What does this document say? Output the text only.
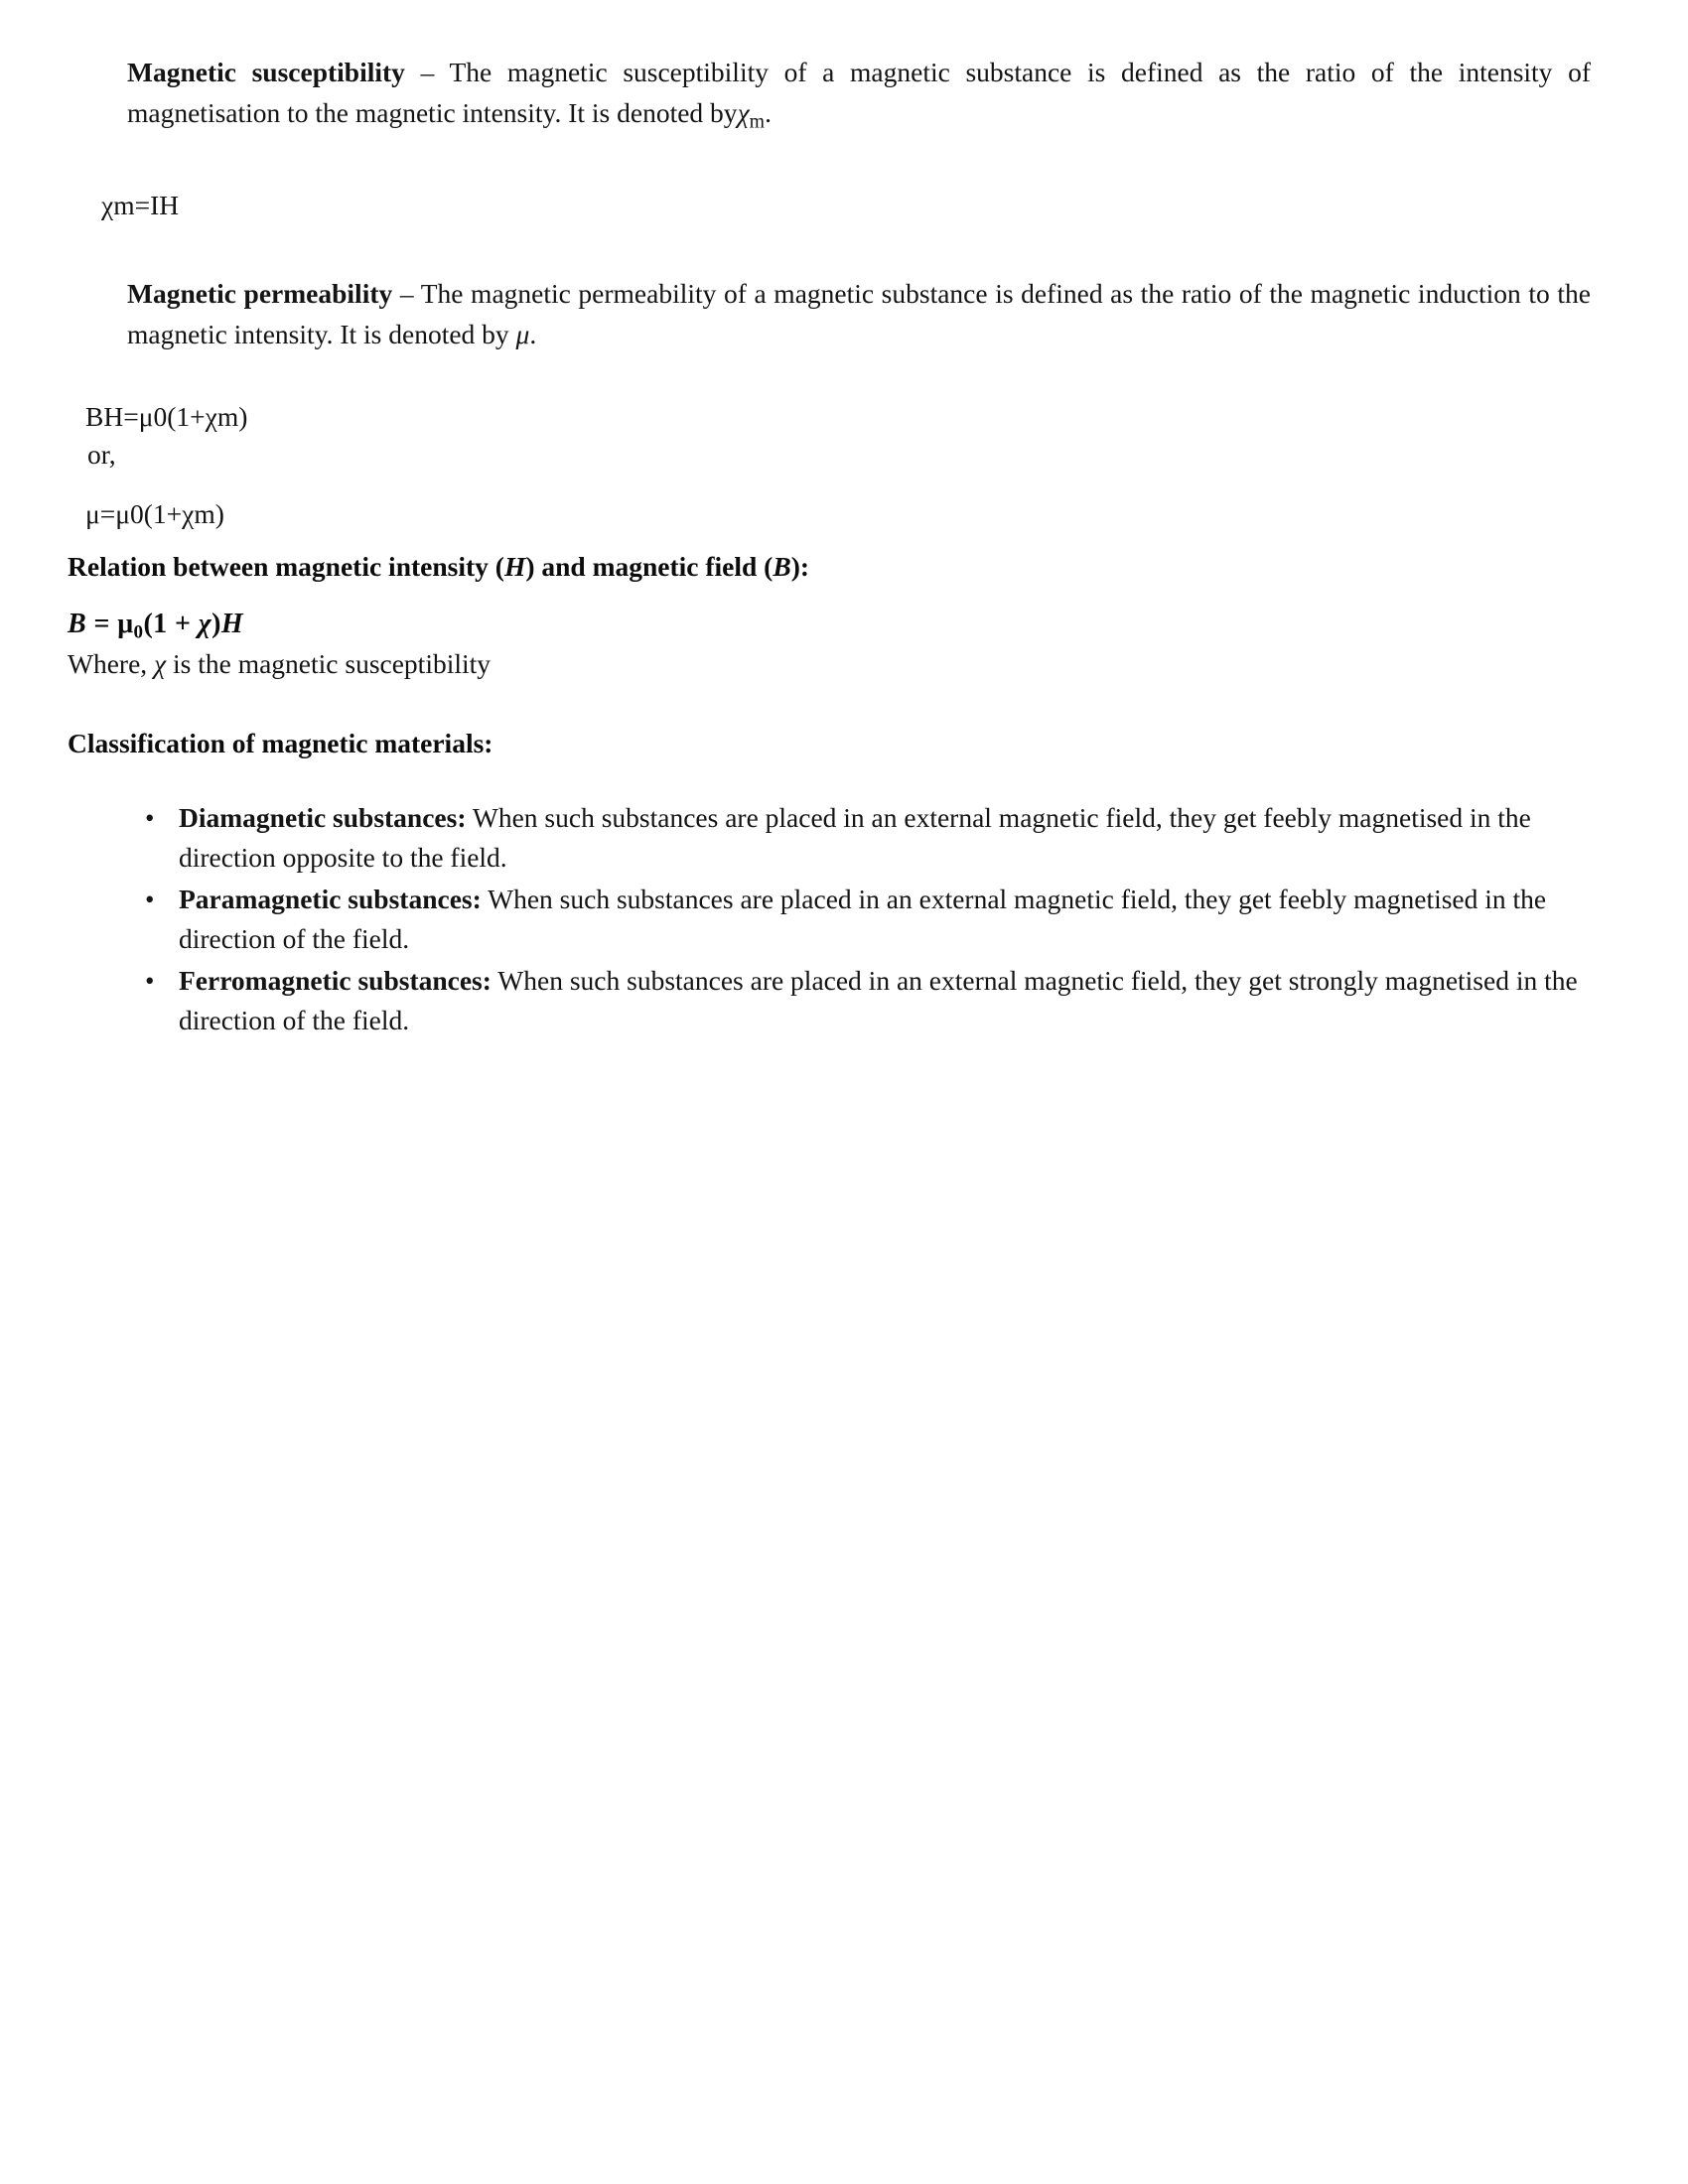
Magnetic susceptibility – The magnetic susceptibility of a magnetic substance is defined as the ratio of the intensity of magnetisation to the magnetic intensity. It is denoted byχ$_m$.

χm=IH

Magnetic permeability – The magnetic permeability of a magnetic substance is defined as the ratio of the magnetic induction to the magnetic intensity. It is denoted by μ.

BH=μ0(1+χm)
or,
μ=μ0(1+χm)

Relation between magnetic intensity (H) and magnetic field (B):

$B = \mu_0(1 + \chi)H$

Where, χ is the magnetic susceptibility

Classification of magnetic materials:

• Diamagnetic substances: When such substances are placed in an external magnetic field, they get feebly magnetised in the direction opposite to the field.
• Paramagnetic substances: When such substances are placed in an external magnetic field, they get feebly magnetised in the direction of the field.
• Ferromagnetic substances: When such substances are placed in an external magnetic field, they get strongly magnetised in the direction of the field.
